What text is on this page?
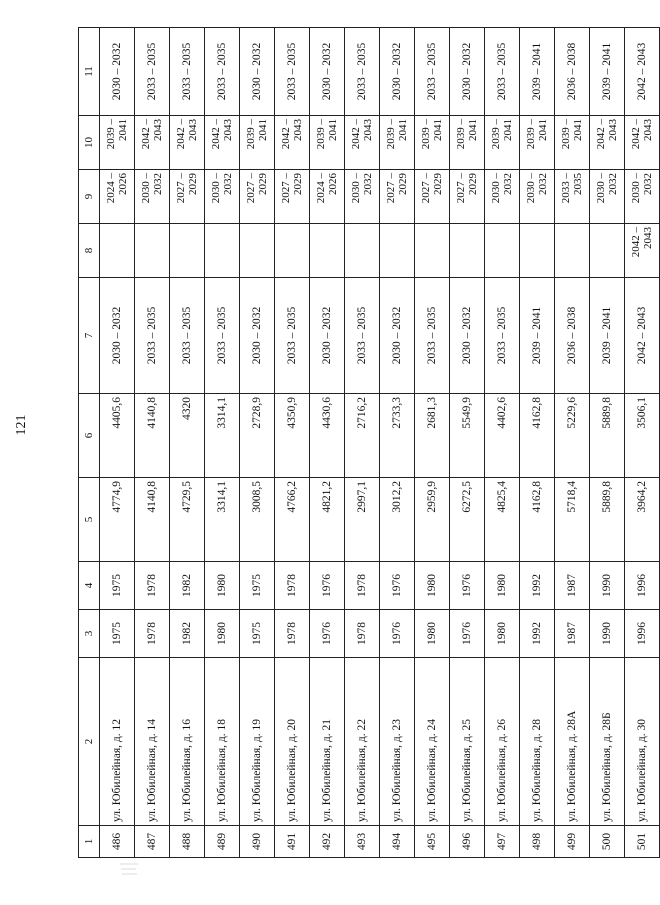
121
1	2	3	4	5	6	7	8	9	10	11
486	ул. Юбилейная, д. 12	1975	1975	4774,9	4405,6	2030 – 2032		2024 – 2026	2039 – 2041	2030 – 2032
487	ул. Юбилейная, д. 14	1978	1978	4140,8	4140,8	2033 – 2035		2030 – 2032	2042 – 2043	2033 – 2035
488	ул. Юбилейная, д. 16	1982	1982	4729,5	4320	2033 – 2035		2027 – 2029	2042 – 2043	2033 – 2035
489	ул. Юбилейная, д. 18	1980	1980	3314,1	3314,1	2033 – 2035		2030 – 2032	2042 – 2043	2033 – 2035
490	ул. Юбилейная, д. 19	1975	1975	3008,5	2728,9	2030 – 2032		2027 – 2029	2039 – 2041	2030 – 2032
491	ул. Юбилейная, д. 20	1978	1978	4766,2	4350,9	2033 – 2035		2027 – 2029	2042 – 2043	2033 – 2035
492	ул. Юбилейная, д. 21	1976	1976	4821,2	4430,6	2030 – 2032		2024 – 2026	2039 – 2041	2030 – 2032
493	ул. Юбилейная, д. 22	1978	1978	2997,1	2716,2	2033 – 2035		2030 – 2032	2042 – 2043	2033 – 2035
494	ул. Юбилейная, д. 23	1976	1976	3012,2	2733,3	2030 – 2032		2027 – 2029	2039 – 2041	2030 – 2032
495	ул. Юбилейная, д. 24	1980	1980	2959,9	2681,3	2033 – 2035		2027 – 2029	2039 – 2041	2033 – 2035
496	ул. Юбилейная, д. 25	1976	1976	6272,5	5549,9	2030 – 2032		2027 – 2029	2039 – 2041	2030 – 2032
497	ул. Юбилейная, д. 26	1980	1980	4825,4	4402,6	2033 – 2035		2030 – 2032	2039 – 2041	2033 – 2035
498	ул. Юбилейная, д. 28	1992	1992	4162,8	4162,8	2039 – 2041		2030 – 2032	2039 – 2041	2039 – 2041
499	ул. Юбилейная, д. 28А	1987	1987	5718,4	5229,6	2036 – 2038		2033 – 2035	2039 – 2041	2036 – 2038
500	ул. Юбилейная, д. 28Б	1990	1990	5889,8	5889,8	2039 – 2041		2030 – 2032	2042 – 2043	2039 – 2041
501	ул. Юбилейная, д. 30	1996	1996	3964,2	3506,1	2042 – 2043	2042 – 2043	2030 – 2032	2042 – 2043	2042 – 2043
